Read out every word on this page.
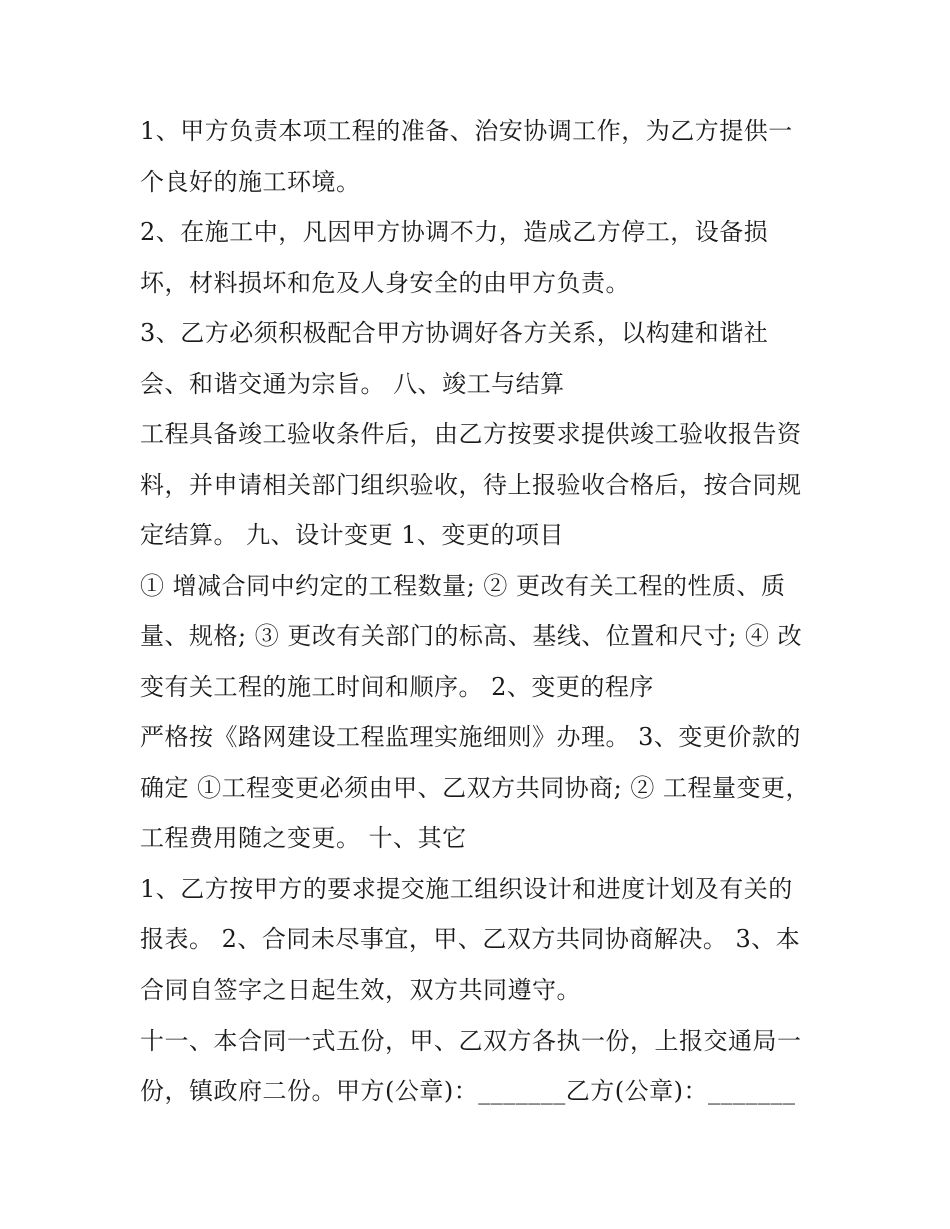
1、甲方负责本项工程的准备、治安协调工作，为乙方提供一
个良好的施工环境。
2、在施工中，凡因甲方协调不力，造成乙方停工，设备损
坏，材料损坏和危及人身安全的由甲方负责。
3、乙方必须积极配合甲方协调好各方关系，以构建和谐社
会、和谐交通为宗旨。 八、竣工与结算
工程具备竣工验收条件后，由乙方按要求提供竣工验收报告资
料，并申请相关部门组织验收，待上报验收合格后，按合同规
定结算。 九、设计变更 1、变更的项目
① 增减合同中约定的工程数量; ② 更改有关工程的性质、质
量、规格; ③ 更改有关部门的标高、基线、位置和尺寸; ④ 改
变有关工程的施工时间和顺序。 2、变更的程序
严格按《路网建设工程监理实施细则》办理。 3、变更价款的
确定 ①工程变更必须由甲、乙双方共同协商; ② 工程量变更，
工程费用随之变更。 十、其它
1、乙方按甲方的要求提交施工组织设计和进度计划及有关的
报表。 2、合同未尽事宜，甲、乙双方共同协商解决。 3、本
合同自签字之日起生效，双方共同遵守。
十一、本合同一式五份，甲、乙双方各执一份，上报交通局一
份，镇政府二份。甲方(公章)：_______乙方(公章)：_______
